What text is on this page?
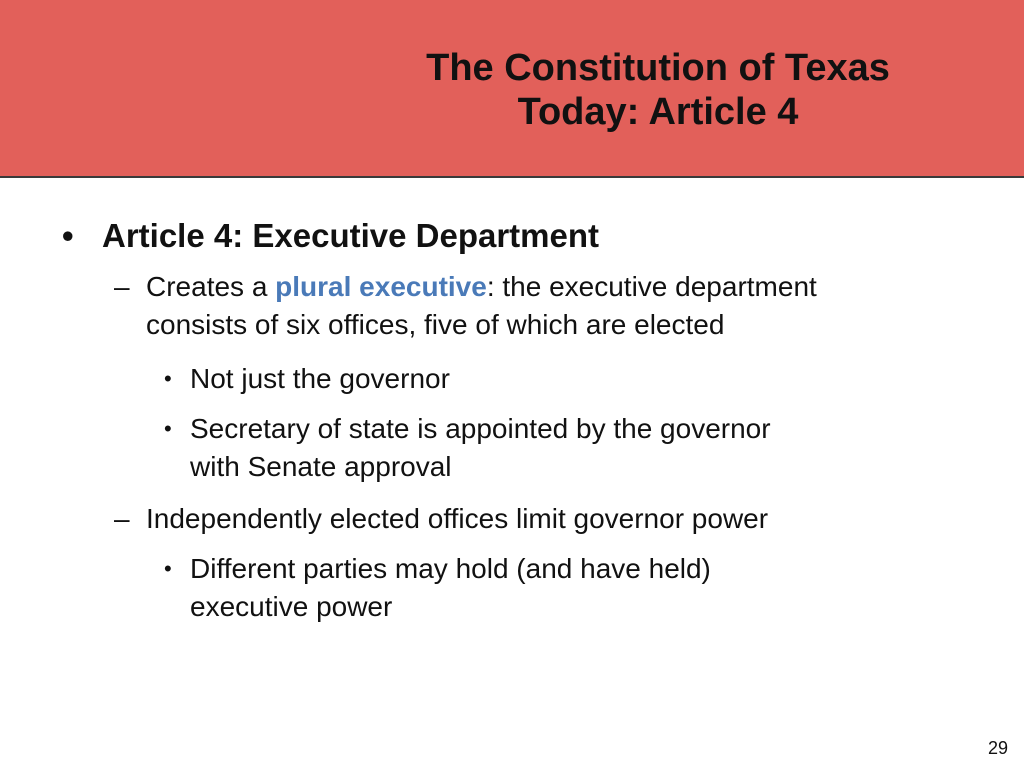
The Constitution of Texas
Today: Article 4
• Article 4: Executive Department
– Creates a plural executive: the executive department
consists of six offices, five of which are elected
• Not just the governor
• Secretary of state is appointed by the governor
with Senate approval
– Independently elected offices limit governor power
• Different parties may hold (and have held)
executive power
29
